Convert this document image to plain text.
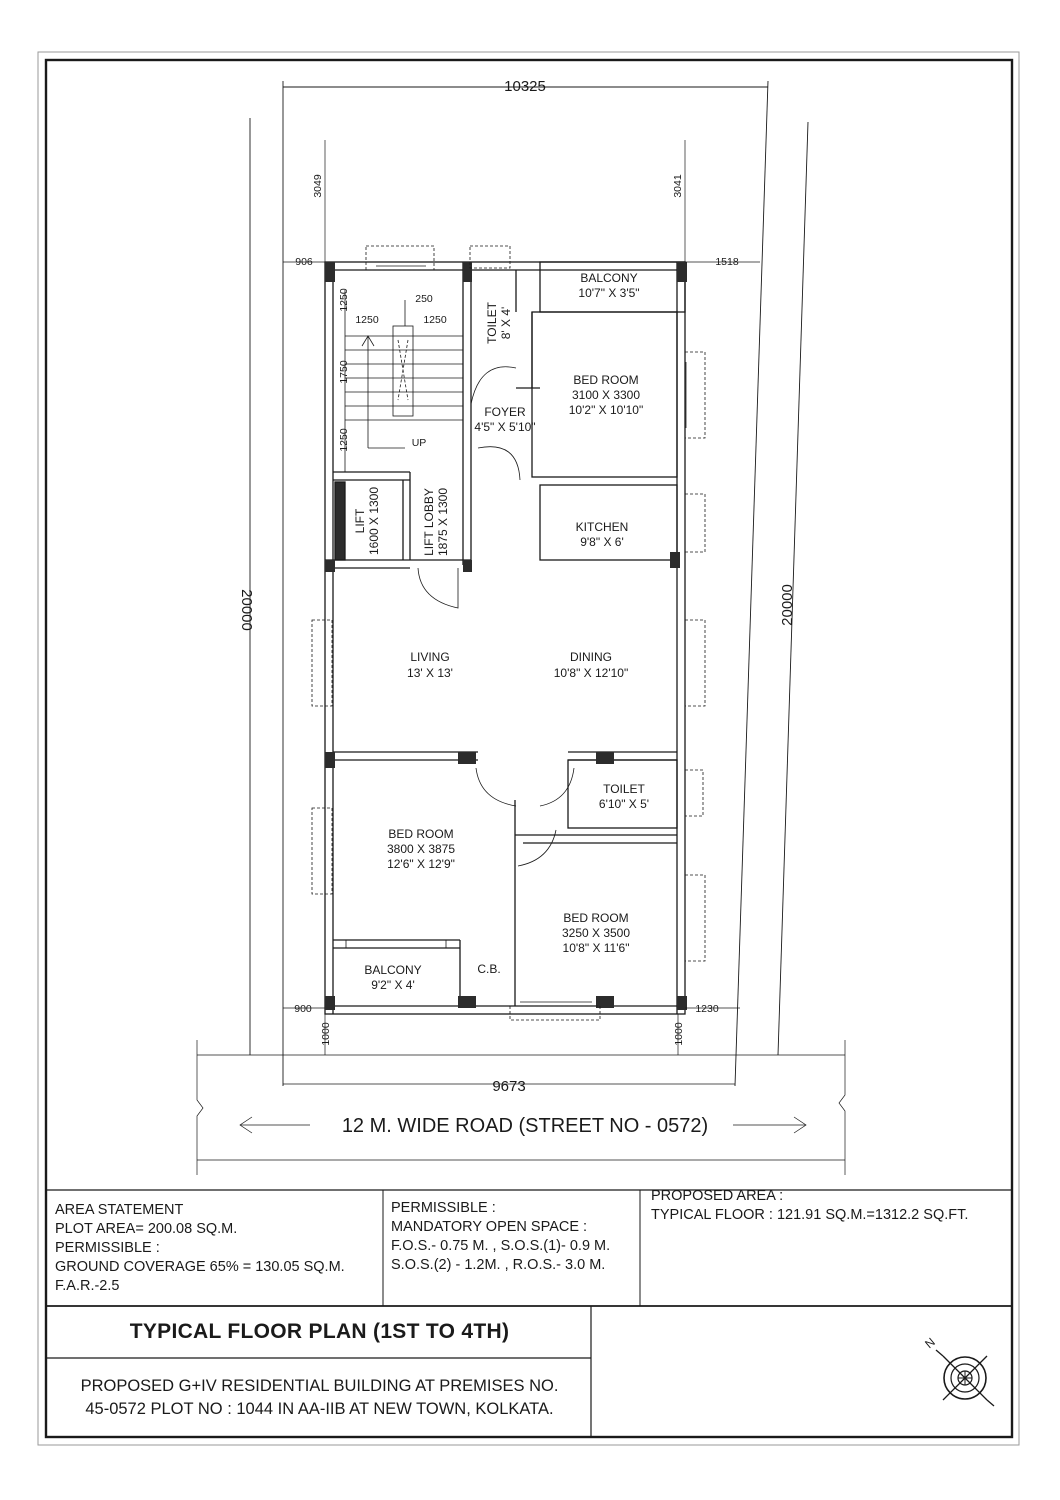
10325
9673
20000	20000
3049	3041
906	1518
900	1230
1000	1000
1250	250
1250	1250
1250
1750
UP
BALCONY
10'7" X 3'5"
TOILET 8' X 4'
BED ROOM
3100 X 3300
10'2" X 10'10"
FOYER
4'5" X 5'10"
KITCHEN
9'8" X 6'
LIFT 1600 X 1300	LIFT LOBBY 1875 X 1300
LIVING
13' X 13'
DINING
10'8" X 12'10"
TOILET
6'10" X 5'
BED ROOM
3800 X 3875
12'6" X 12'9"
BED ROOM
3250 X 3500
10'8" X 11'6"
BALCONY
9'2" X 4'
C.B.
12 M. WIDE ROAD (STREET NO - 0572)
N
AREA STATEMENT
PLOT AREA= 200.08 SQ.M.
PERMISSIBLE :
GROUND COVERAGE 65% = 130.05 SQ.M.
F.A.R.-2.5
PERMISSIBLE :
MANDATORY OPEN SPACE :
F.O.S.- 0.75 M. , S.O.S.(1)- 0.9 M.
S.O.S.(2) - 1.2M. , R.O.S.- 3.0 M.
PROPOSED AREA :
TYPICAL FLOOR : 121.91 SQ.M.=1312.2 SQ.FT.
TYPICAL FLOOR PLAN (1ST TO 4TH)
PROPOSED G+IV RESIDENTIAL BUILDING AT PREMISES NO.
45-0572 PLOT NO : 1044 IN AA-IIB AT NEW TOWN, KOLKATA.
